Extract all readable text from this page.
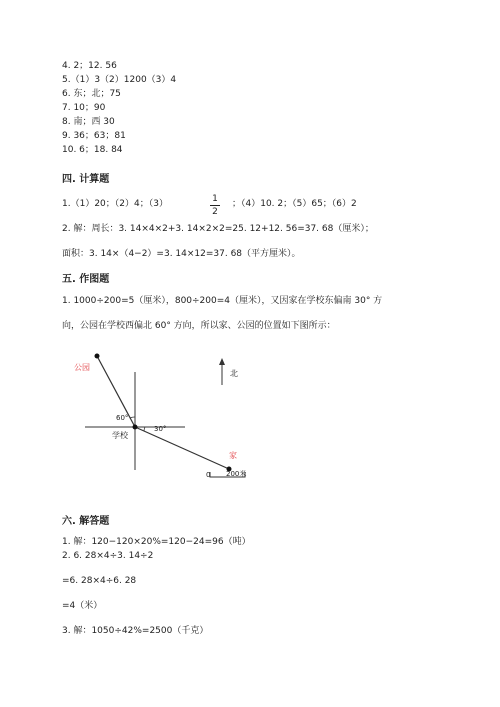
4. 2；12. 56
5.（1）3（2）1200（3）4
6. 东；北；75
7. 10；90
8. 南；西 30
9. 36；63；81
10. 6；18. 84
四. 计算题
1.（1）20；（2）4；（3）	1
2
；（4）10. 2；（5）65；（6）2
2. 解：周长：3. 14×4×2+3. 14×2×2=25. 12+12. 56=37. 68（厘米）；
面积：3. 14×（4−2）=3. 14×12=37. 68（平方厘米）。
五. 作图题
1. 1000÷200=5（厘米），800÷200=4（厘米），又因家在学校东偏南 30° 方
向，公园在学校西偏北 60° 方向，所以家、公园的位置如下图所示：
公园
学校
家
北
60°
30°
0 200米
六. 解答题
1. 解：120−120×20%=120−24=96（吨）
2. 6. 28×4÷3. 14÷2
=6. 28×4÷6. 28
=4（米）
3. 解：1050÷42%=2500（千克）
